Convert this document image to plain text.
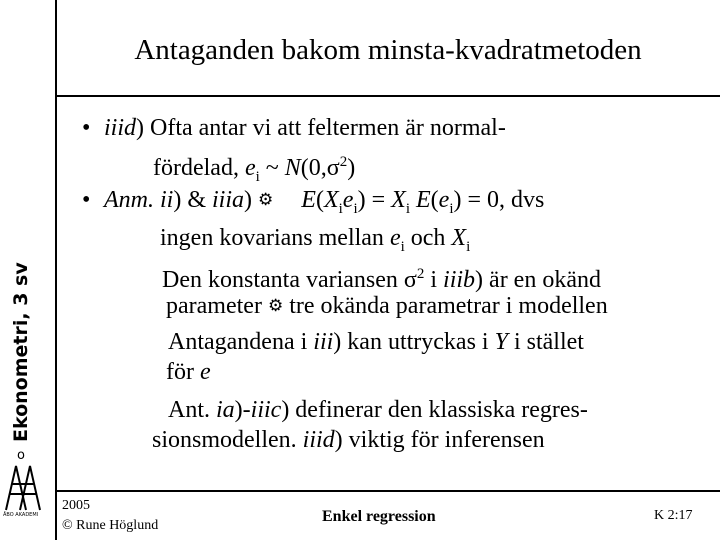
Ekonometri, 3 sv
o
ÅBO AKADEMI
Antaganden bakom minsta-kvadratmetoden
• iiid) Ofta antar vi att feltermen är normal-
fördelad, $e_i$ ~ $N(0,\sigma^2)$
• Anm. ii) & iiia) ⚙ $E(X_ie_i) = X_i$ $E(e_i) = 0$, dvs
ingen kovarians mellan $e_i$ och $X_i$
Den konstanta variansen $\sigma^2$ i iiib) är en okänd
parameter ⚙ tre okända parametrar i modellen
Antagandena i iii) kan uttryckas i Y i stället
för e
Ant. ia)-iiic) definerar den klassiska regres-
sionsmodellen. iiid) viktig för inferensen
2005
© Rune Höglund
Enkel regression	K 2:17
